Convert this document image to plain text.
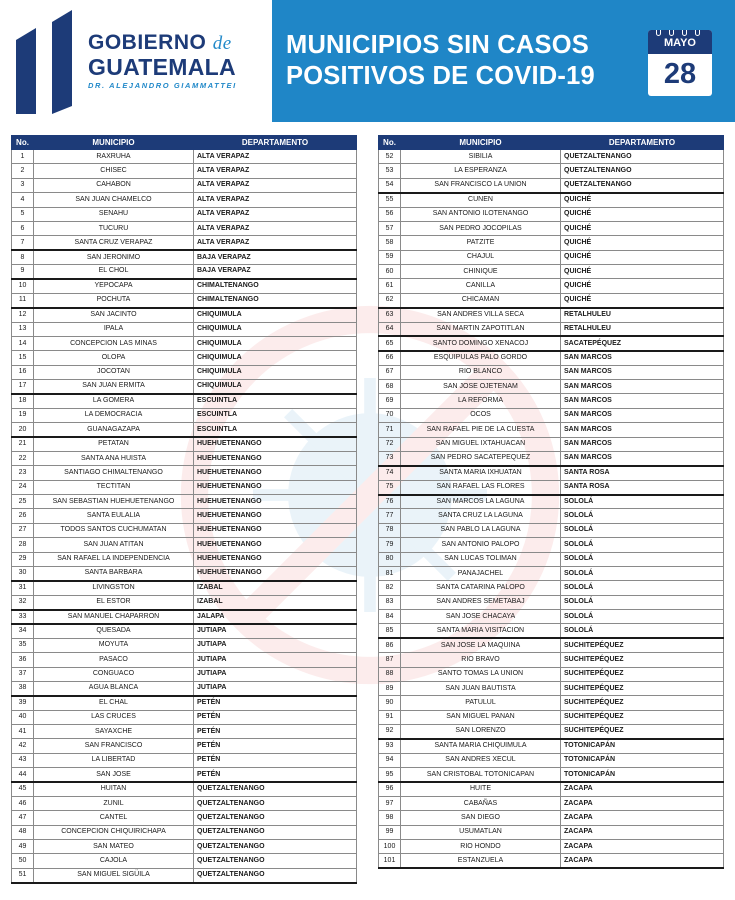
GOBIERNO de
GUATEMALA
DR. ALEJANDRO GIAMMATTEI
MUNICIPIOS SIN CASOS
POSITIVOS DE COVID-19
MAYO
28
No.	MUNICIPIO	DEPARTAMENTO
1	RAXRUHA	ALTA VERAPAZ
2	CHISEC	ALTA VERAPAZ
3	CAHABON	ALTA VERAPAZ
4	SAN JUAN CHAMELCO	ALTA VERAPAZ
5	SENAHU	ALTA VERAPAZ
6	TUCURU	ALTA VERAPAZ
7	SANTA CRUZ VERAPAZ	ALTA VERAPAZ
8	SAN JERONIMO	BAJA VERAPAZ
9	EL CHOL	BAJA VERAPAZ
10	YEPOCAPA	CHIMALTENANGO
11	POCHUTA	CHIMALTENANGO
12	SAN JACINTO	CHIQUIMULA
13	IPALA	CHIQUIMULA
14	CONCEPCION LAS MINAS	CHIQUIMULA
15	OLOPA	CHIQUIMULA
16	JOCOTAN	CHIQUIMULA
17	SAN JUAN ERMITA	CHIQUIMULA
18	LA GOMERA	ESCUINTLA
19	LA DEMOCRACIA	ESCUINTLA
20	GUANAGAZAPA	ESCUINTLA
21	PETATAN	HUEHUETENANGO
22	SANTA ANA HUISTA	HUEHUETENANGO
23	SANTIAGO CHIMALTENANGO	HUEHUETENANGO
24	TECTITAN	HUEHUETENANGO
25	SAN SEBASTIAN HUEHUETENANGO	HUEHUETENANGO
26	SANTA EULALIA	HUEHUETENANGO
27	TODOS SANTOS CUCHUMATAN	HUEHUETENANGO
28	SAN JUAN ATITAN	HUEHUETENANGO
29	SAN RAFAEL LA INDEPENDENCIA	HUEHUETENANGO
30	SANTA BARBARA	HUEHUETENANGO
31	LIVINGSTON	IZABAL
32	EL ESTOR	IZABAL
33	SAN MANUEL CHAPARRON	JALAPA
34	QUESADA	JUTIAPA
35	MOYUTA	JUTIAPA
36	PASACO	JUTIAPA
37	CONGUACO	JUTIAPA
38	AGUA BLANCA	JUTIAPA
39	EL CHAL	PETÉN
40	LAS CRUCES	PETÉN
41	SAYAXCHE	PETÉN
42	SAN FRANCISCO	PETÉN
43	LA LIBERTAD	PETÉN
44	SAN JOSE	PETÉN
45	HUITAN	QUETZALTENANGO
46	ZUNIL	QUETZALTENANGO
47	CANTEL	QUETZALTENANGO
48	CONCEPCION CHIQUIRICHAPA	QUETZALTENANGO
49	SAN MATEO	QUETZALTENANGO
50	CAJOLA	QUETZALTENANGO
51	SAN MIGUEL SIGÜILA	QUETZALTENANGO
No.	MUNICIPIO	DEPARTAMENTO
52	SIBILIA	QUETZALTENANGO
53	LA ESPERANZA	QUETZALTENANGO
54	SAN FRANCISCO LA UNION	QUETZALTENANGO
55	CUNEN	QUICHÉ
56	SAN ANTONIO ILOTENANGO	QUICHÉ
57	SAN PEDRO JOCOPILAS	QUICHÉ
58	PATZITE	QUICHÉ
59	CHAJUL	QUICHÉ
60	CHINIQUE	QUICHÉ
61	CANILLA	QUICHÉ
62	CHICAMAN	QUICHÉ
63	SAN ANDRES VILLA SECA	RETALHULEU
64	SAN MARTIN ZAPOTITLAN	RETALHULEU
65	SANTO DOMINGO XENACOJ	SACATEPÉQUEZ
66	ESQUIPULAS PALO GORDO	SAN MARCOS
67	RIO BLANCO	SAN MARCOS
68	SAN JOSE OJETENAM	SAN MARCOS
69	LA REFORMA	SAN MARCOS
70	OCOS	SAN MARCOS
71	SAN RAFAEL PIE DE LA CUESTA	SAN MARCOS
72	SAN MIGUEL IXTAHUACAN	SAN MARCOS
73	SAN PEDRO SACATEPEQUEZ	SAN MARCOS
74	SANTA MARIA IXHUATAN	SANTA ROSA
75	SAN RAFAEL LAS FLORES	SANTA ROSA
76	SAN MARCOS LA LAGUNA	SOLOLÁ
77	SANTA CRUZ LA LAGUNA	SOLOLÁ
78	SAN PABLO LA LAGUNA	SOLOLÁ
79	SAN ANTONIO PALOPO	SOLOLÁ
80	SAN LUCAS TOLIMAN	SOLOLÁ
81	PANAJACHEL	SOLOLÁ
82	SANTA CATARINA PALOPO	SOLOLÁ
83	SAN ANDRES SEMETABAJ	SOLOLÁ
84	SAN JOSE CHACAYA	SOLOLÁ
85	SANTA MARIA VISITACION	SOLOLÁ
86	SAN JOSE LA MAQUINA	SUCHITEPÉQUEZ
87	RIO BRAVO	SUCHITEPÉQUEZ
88	SANTO TOMAS LA UNION	SUCHITEPÉQUEZ
89	SAN JUAN BAUTISTA	SUCHITEPÉQUEZ
90	PATULUL	SUCHITEPÉQUEZ
91	SAN MIGUEL PANAN	SUCHITEPÉQUEZ
92	SAN LORENZO	SUCHITEPÉQUEZ
93	SANTA MARIA CHIQUIMULA	TOTONICAPÁN
94	SAN ANDRES XECUL	TOTONICAPÁN
95	SAN CRISTOBAL TOTONICAPAN	TOTONICAPÁN
96	HUITE	ZACAPA
97	CABAÑAS	ZACAPA
98	SAN DIEGO	ZACAPA
99	USUMATLAN	ZACAPA
100	RIO HONDO	ZACAPA
101	ESTANZUELA	ZACAPA
